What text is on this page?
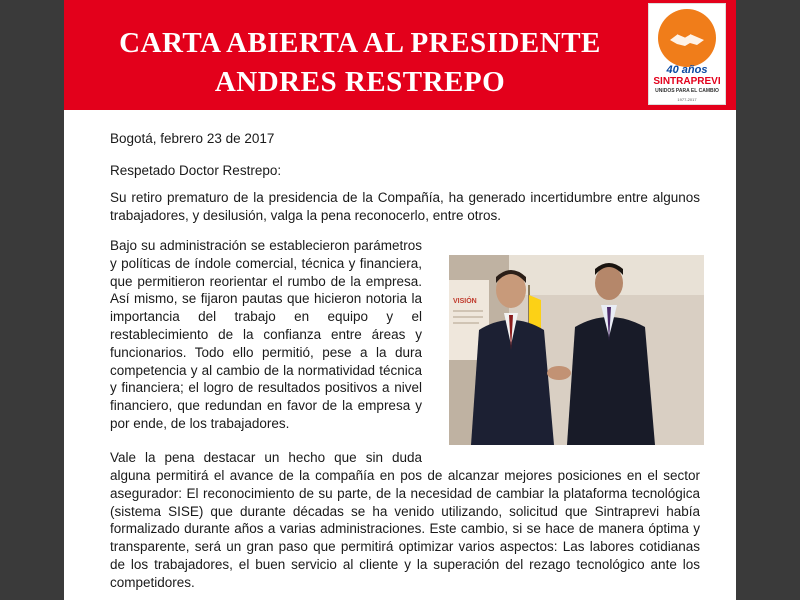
CARTA ABIERTA AL PRESIDENTE
ANDRES RESTREPO	40 años
SINTRAPREVI
UNIDOS PARA EL CAMBIO
1977-2017
Bogotá, febrero 23 de 2017
Respetado Doctor Restrepo:
Su retiro prematuro de la presidencia de la Compañía, ha generado incertidumbre entre algunos trabajadores, y desilusión, valga la pena reconocerlo, entre otros.
Bajo su administración se establecieron parámetros y políticas de índole comercial, técnica y financiera, que permitieron reorientar el rumbo de la empresa. Así mismo, se fijaron pautas que hicieron notoria la importancia del trabajo en equipo y el restablecimiento de la confianza entre áreas y funcionarios. Todo ello permitió, pese a la dura competencia y al cambio de la normatividad técnica y financiera; el logro de resultados positivos a nivel financiero, que redundan en favor de la empresa y por ende, de los trabajadores.
VISIÓN
Vale la pena destacar un hecho que sin duda
alguna permitirá el avance de la compañía en pos de alcanzar mejores posiciones en el sector asegurador: El reconocimiento de su parte, de la necesidad de cambiar la plataforma tecnológica (sistema SISE) que durante décadas se ha venido utilizando, solicitud que Sintraprevi había formalizado durante años a varias administraciones. Este cambio, si se hace de manera óptima y transparente, será un gran paso que permitirá optimizar varios aspectos: Las labores cotidianas de los trabajadores, el buen servicio al cliente y la superación del rezago tecnológico ante los competidores.
